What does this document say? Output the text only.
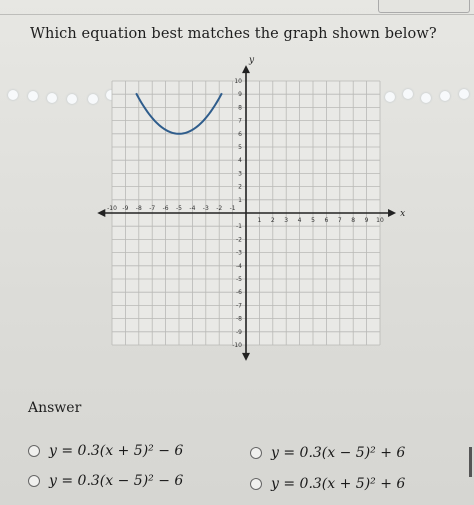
Which equation best matches the graph shown below?
x
y
-10 -9 -8 -7 -6 -5 -4 -3 -2 -1
1 2 3 4 5 6 7 8 9 10
10
9
8
7
6
5
4
3
2
1
-1
-2
-3
-4
-5
-6
-7
-8
-9
-10
Answer
y = 0.3(x + 5)² − 6	y = 0.3(x − 5)² + 6
y = 0.3(x − 5)² − 6	y = 0.3(x + 5)² + 6
